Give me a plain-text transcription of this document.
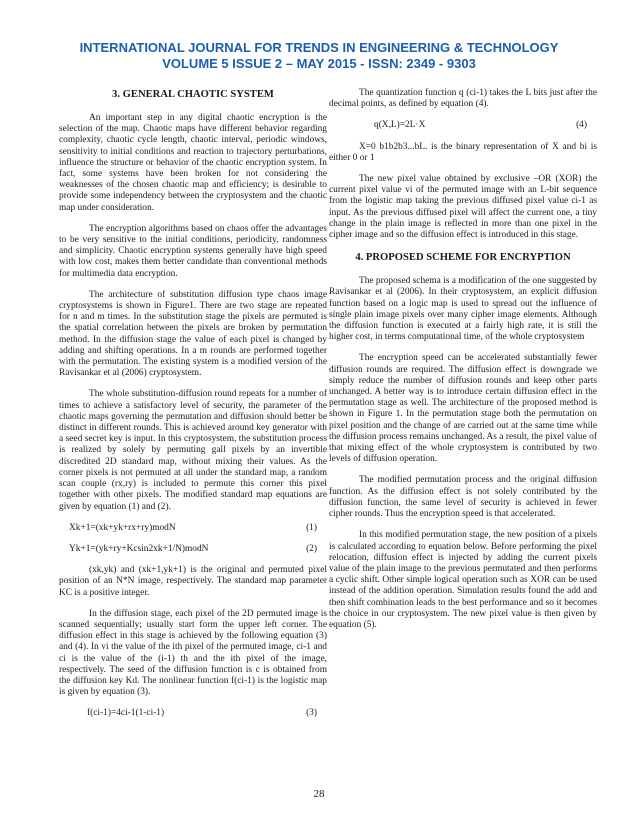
INTERNATIONAL JOURNAL FOR TRENDS IN ENGINEERING & TECHNOLOGY
VOLUME 5 ISSUE 2 – MAY 2015 - ISSN: 2349 - 9303
3. GENERAL CHAOTIC SYSTEM

An important step in any digital chaotic encryption is the selection of the map. Chaotic maps have different behavior regarding complexity, chaotic cycle length, chaotic interval, periodic windows, sensitivity to initial conditions and reaction to trajectory perturbations, influence the structure or behavior of the chaotic encryption system. In fact, some systems have been broken for not considering the weaknesses of the chosen chaotic map and efficiency; is desirable to provide some independency between the cryptosystem and the chaotic map under consideration.

The encryption algorithms based on chaos offer the advantages to be very sensitive to the initial conditions, periodicity, randomness and simplicity. Chaotic encryption systems generally have high speed with low cost, makes them better candidate than conventional methods for multimedia data encryption.

The architecture of substitution diffusion type chaos image cryptosystems is shown in Figure1. There are two stage are repeated for n and m times. In the substitution stage the pixels are permuted is the spatial correlation between the pixels are broken by permutation method. In the diffusion stage the value of each pixel is changed by adding and shifting operations. In a m rounds are performed together with the permutation. The existing system is a modified version of the Ravisankar et al (2006) cryptosystem.

The whole substitution-diffusion round repeats for a number of times to achieve a satisfactory level of security, the parameter of the chaotic maps governing the permutation and diffusion should better be distinct in different rounds. This is achieved around key generator with a seed secret key is input. In this cryptosystem, the substitution process is realized by solely by permuting gall pixels by an invertible discredited 2D standard map, without mixing their values. As the corner pixels is not permuted at all under the standard map, a random scan couple (rx,ry) is included to permute this corner this pixel together with other pixels. The modified standard map equations are given by equation (1) and (2).

Xk+1=(xk+yk+rx+ry)modN	(1)
Yk+1=(yk+ry+Kcsin2xk+1/N)modN	(2)

(xk,yk) and (xk+1,yk+1) is the original and permuted pixel position of an N*N image, respectively. The standard map parameter KC is a positive integer.

In the diffusion stage, each pixel of the 2D permuted image is scanned sequentially; usually start form the upper left corner. The diffusion effect in this stage is achieved by the following equation (3) and (4). In vi the value of the ith pixel of the permuted image, ci-1 and ci is the value of the (i-1) th and the ith pixel of the image, respectively. The seed of the diffusion function is c is obtained from the diffusion key Kd. The nonlinear function f(ci-1) is the logistic map is given by equation (3).

f(ci-1)=4ci-1(1-ci-1)	(3)

The quantization function q (ci-1) takes the L bits just after the decimal points, as defined by equation (4).

q(X,L)=2L·X	(4)

X=0 b1b2b3...bL. is the binary representation of X and bi is either 0 or 1

The new pixel value obtained by exclusive –OR (XOR) the current pixel value vi of the permuted image with an L-bit sequence from the logistic map taking the previous diffused pixel value ci-1 as input. As the previous diffused pixel will affect the current one, a tiny change in the plain image is reflected in more than one pixel in the cipher image and so the diffusion effect is introduced in this stage.

4. PROPOSED SCHEME FOR ENCRYPTION

The proposed schema is a modification of the one suggested by Ravisankar et al (2006). In their cryptosystem, an explicit diffusion function based on a logic map is used to spread out the influence of single plain image pixels over many cipher image elements. Although the diffusion function is executed at a fairly high rate, it is still the higher cost, in terms computational time, of the whole cryptosystem

The encryption speed can be accelerated substantially fewer diffusion rounds are required. The diffusion effect is downgrade we simply reduce the number of diffusion rounds and keep other parts unchanged. A better way is to introduce certain diffusion effect in the permutation stage as well. The architecture of the proposed method is shown in Figure 1. In the permutation stage both the permutation on pixel position and the change of are carried out at the same time while the diffusion process remains unchanged. As a result, the pixel value of that mixing effect of the whole cryptosystem is contributed by two levels of diffusion operation.

The modified permutation process and the original diffusion function. As the diffusion effect is not solely contributed by the diffusion function, the same level of security is achieved in fewer cipher rounds. Thus the encryption speed is that accelerated.

In this modified permutation stage, the new position of a pixels is calculated according to equation below. Before performing the pixel relocation, diffusion effect is injected by adding the current pixels value of the plain image to the previous permutated and then performs a cyclic shift. Other simple logical operation such as XOR can be used instead of the addition operation. Simulation results found the add and then shift combination leads to the best performance and so it becomes the choice in our cryptosystem. The new pixel value is then given by equation (5).

28
